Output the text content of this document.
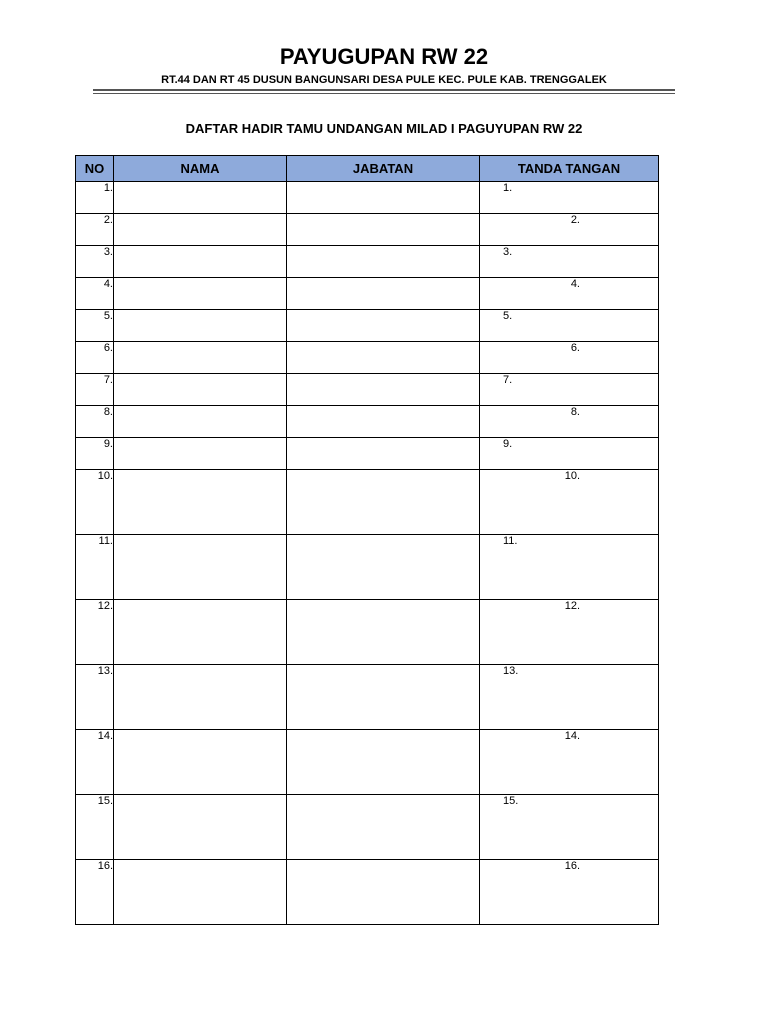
PAYUGUPAN RW 22
RT.44 DAN RT 45 DUSUN BANGUNSARI DESA PULE KEC. PULE KAB. TRENGGALEK
DAFTAR HADIR TAMU UNDANGAN MILAD I PAGUYUPAN RW 22
NO	NAMA	JABATAN	TANDA TANGAN
1.			1.
2.			2.
3.			3.
4.			4.
5.			5.
6.			6.
7.			7.
8.			8.
9.			9.
10.			10.
11.			11.
12.			12.
13.			13.
14.			14.
15.			15.
16.			16.
